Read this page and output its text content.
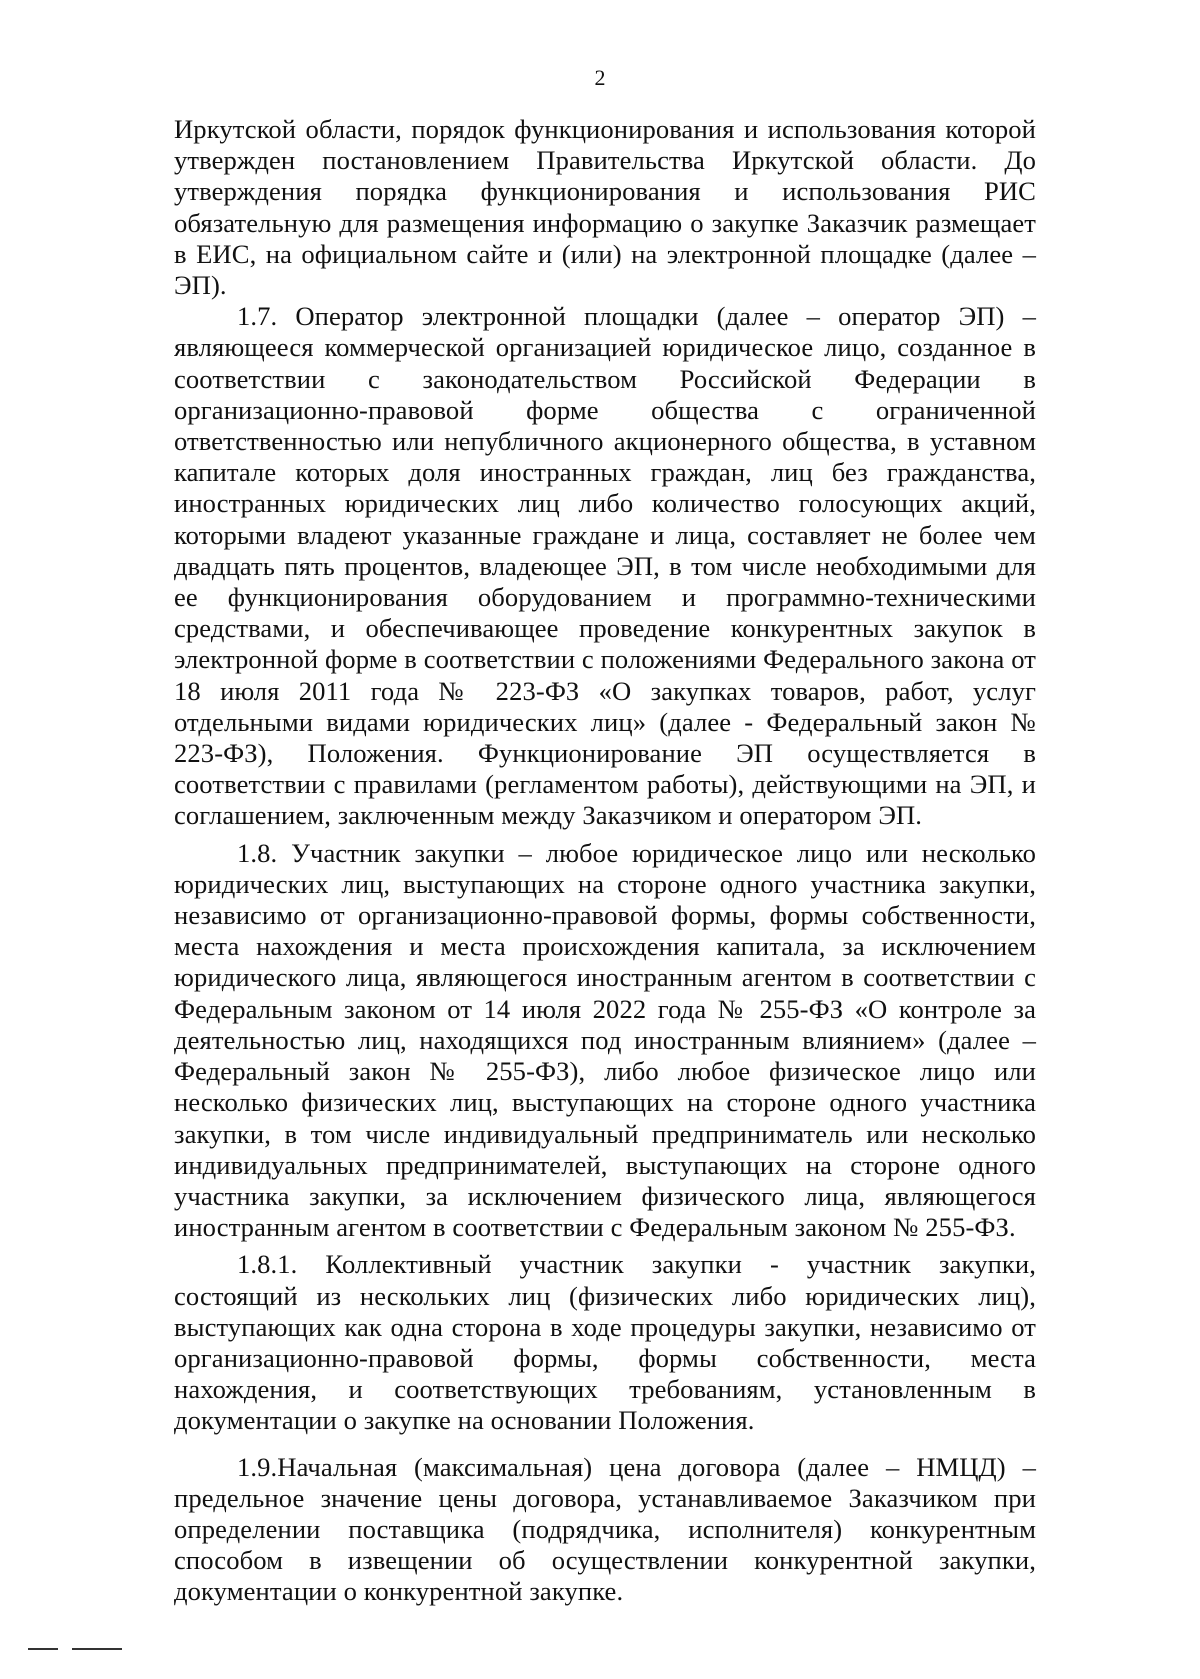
2

Иркутской области, порядок функционирования и использования которой утвержден постановлением Правительства Иркутской области. До утверждения порядка функционирования и использования РИС обязательную для размещения информацию о закупке Заказчик размещает в ЕИС, на официальном сайте и (или) на электронной площадке (далее – ЭП).

1.7. Оператор электронной площадки (далее – оператор ЭП) – являющееся коммерческой организацией юридическое лицо, созданное в соответствии с законодательством Российской Федерации в организационно-правовой форме общества с ограниченной ответственностью или непубличного акционерного общества, в уставном капитале которых доля иностранных граждан, лиц без гражданства, иностранных юридических лиц либо количество голосующих акций, которыми владеют указанные граждане и лица, составляет не более чем двадцать пять процентов, владеющее ЭП, в том числе необходимыми для ее функционирования оборудованием и программно-техническими средствами, и обеспечивающее проведение конкурентных закупок в электронной форме в соответствии с положениями Федерального закона от 18 июля 2011 года № 223-ФЗ «О закупках товаров, работ, услуг отдельными видами юридических лиц» (далее - Федеральный закон № 223-ФЗ), Положения. Функционирование ЭП осуществляется в соответствии с правилами (регламентом работы), действующими на ЭП, и соглашением, заключенным между Заказчиком и оператором ЭП.

1.8. Участник закупки – любое юридическое лицо или несколько юридических лиц, выступающих на стороне одного участника закупки, независимо от организационно-правовой формы, формы собственности, места нахождения и места происхождения капитала, за исключением юридического лица, являющегося иностранным агентом в соответствии с Федеральным законом от 14 июля 2022 года № 255-ФЗ «О контроле за деятельностью лиц, находящихся под иностранным влиянием» (далее – Федеральный закон № 255-ФЗ), либо любое физическое лицо или несколько физических лиц, выступающих на стороне одного участника закупки, в том числе индивидуальный предприниматель или несколько индивидуальных предпринимателей, выступающих на стороне одного участника закупки, за исключением физического лица, являющегося иностранным агентом в соответствии с Федеральным законом № 255-ФЗ.

1.8.1. Коллективный участник закупки - участник закупки, состоящий из нескольких лиц (физических либо юридических лиц), выступающих как одна сторона в ходе процедуры закупки, независимо от организационно-правовой формы, формы собственности, места нахождения, и соответствующих требованиям, установленным в документации о закупке на основании Положения.

1.9.Начальная (максимальная) цена договора (далее – НМЦД) – предельное значение цены договора, устанавливаемое Заказчиком при определении поставщика (подрядчика, исполнителя) конкурентным способом в извещении об осуществлении конкурентной закупки, документации о конкурентной закупке.
